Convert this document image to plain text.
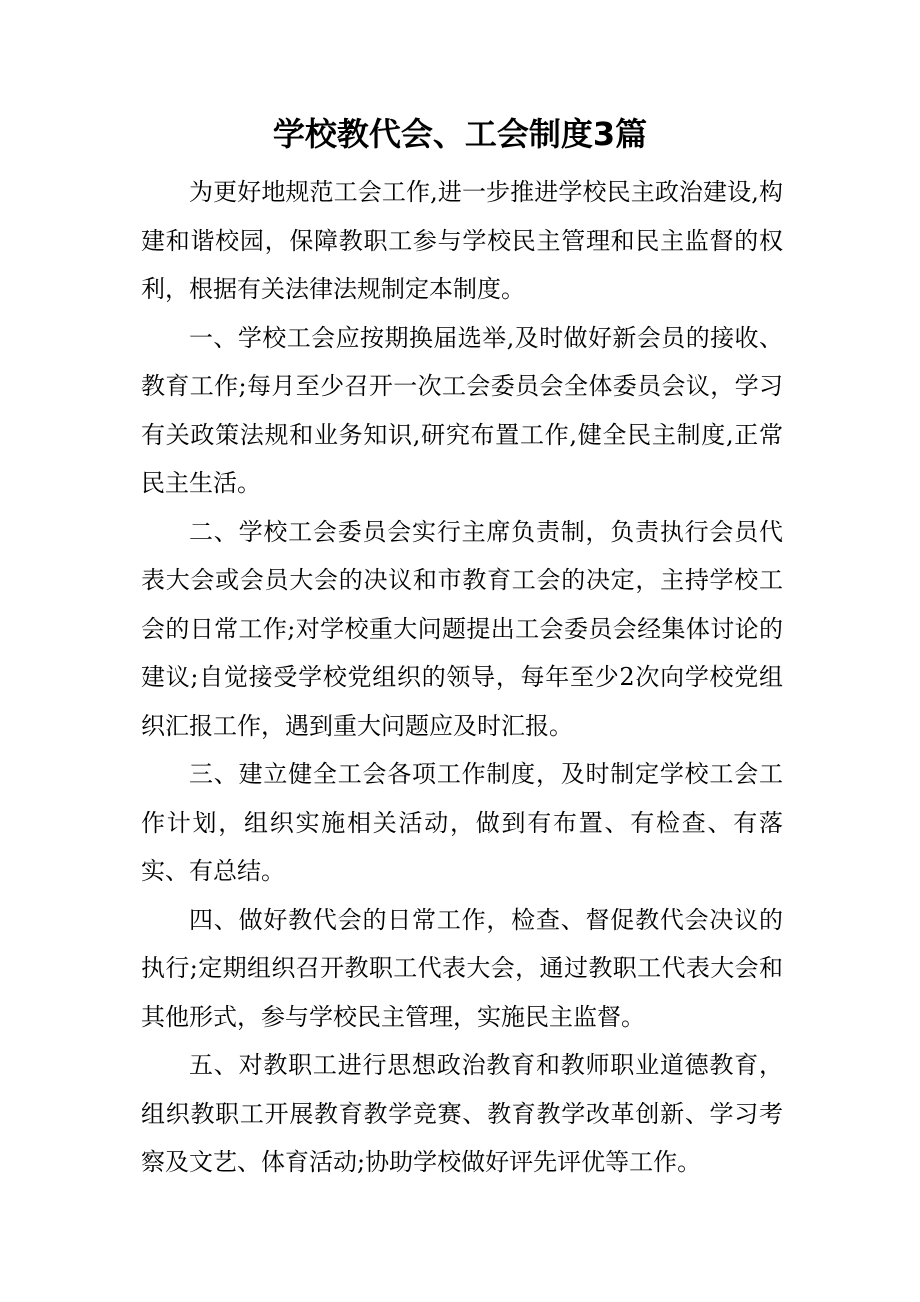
学校教代会、工会制度3篇

为更好地规范工会工作,进一步推进学校民主政治建设,构建和谐校园，保障教职工参与学校民主管理和民主监督的权利，根据有关法律法规制定本制度。

一、学校工会应按期换届选举,及时做好新会员的接收、教育工作;每月至少召开一次工会委员会全体委员会议，学习有关政策法规和业务知识,研究布置工作,健全民主制度,正常民主生活。

二、学校工会委员会实行主席负责制，负责执行会员代表大会或会员大会的决议和市教育工会的决定，主持学校工会的日常工作;对学校重大问题提出工会委员会经集体讨论的建议;自觉接受学校党组织的领导，每年至少2次向学校党组织汇报工作，遇到重大问题应及时汇报。

三、建立健全工会各项工作制度，及时制定学校工会工作计划，组织实施相关活动，做到有布置、有检查、有落实、有总结。

四、做好教代会的日常工作，检查、督促教代会决议的执行;定期组织召开教职工代表大会，通过教职工代表大会和其他形式，参与学校民主管理，实施民主监督。

五、对教职工进行思想政治教育和教师职业道德教育，组织教职工开展教育教学竞赛、教育教学改革创新、学习考察及文艺、体育活动;协助学校做好评先评优等工作。
